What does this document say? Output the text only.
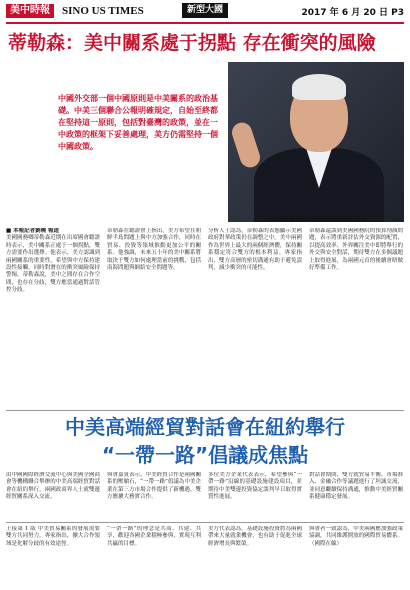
美中時報	SINO US TIMES	新型大國	2017 年 6 月 20 日 P3
蒂勒森：美中關系處于拐點 存在衝突的風險
中國外交部一個中國原則是中美關系的政治基礎。中美三個聯合公報明確規定，自始至終都在堅持這一原則，包括對臺灣的政策，並在一中政策的框架下妥善處理，美方仍需堅持一個中國政策。
美國國務卿蒂勒森在國會聽證會上發言
■ 本報記者劉曉 報道
美國國務卿蒂勒森近期在出席國會聽證時表示，美中關系正處于一個拐點，雙方需要作出選擇。他表示，美方認識到兩國關系的重要性，希望與中方保持建設性接觸，同時對潛在的衝突風險保持警惕。蒂勒森說，美中之間存在合作空間，也存在分歧，雙方應當通過對話管控分歧。
蒂勒森在聽證會上指出，美方希望在朝鮮半島問題上與中方加強合作，同時在貿易、投資等領域推動更加公平的關系。他強調，未來五十年的美中關系將取決于雙方如何處理當前的挑戰，包括南海問題與網絡安全問題等。
分析人士認為，蒂勒森的表態顯示美國政府對華政策仍在調整之中。美中兩國作為世界上最大的兩個經濟體，保持關系穩定符合雙方的根本利益。專家指出，雙方高層的密切溝通有助于避免誤判，減少衝突的可能性。
蒂勒森還談到美國國務院的預算削減問題，表示將重新評估外交資源的配置，以提高效率。外界關注美中即將舉行的外交與安全對話，期待雙方在多個議題上取得進展，為兩國元首的後續會晤做好準備工作。
中美高端經貿對話會在紐約舉行
“一帶一路”倡議成焦點
由中國國際經濟交流中心與美國全國商會等機構聯合舉辦的中美高端經貿對話會在紐約舉行，兩國政商界人士就雙邊經貿關系深入交流。
與會嘉賓表示，中美經貿合作是兩國關系的壓艙石，“一帶一路”倡議為中美企業在第三方市場合作提供了新機遇，雙方應擴大務實合作。
多位美方企業代表表示，希望參與“一帶一路”沿線的基礎設施建設項目，並期待中美雙邊投資協定談判早日取得實質性進展。
對話會期間，雙方就貿易平衡、市場准入、金融合作等議題進行了坦誠交流，並同意繼續保持溝通，推動中美經貿關系健康穩定發展。
上接第 1 版 中美貿易關系的發展需要雙方共同努力，專家指出，擴大合作領域是化解分歧的有效途徑。
“一帶一路”的理念是共商、共建、共享，歡迎各國企業積極參與，實現互利共贏的目標。
美方代表認為，基礎設施投資將為兩國帶來大量就業機會，也有助于促進全球經濟增長與繁榮。
與會者一致認為，中美兩國應加強政策協調，共同維護開放的國際貿易體系。（國際在線）
